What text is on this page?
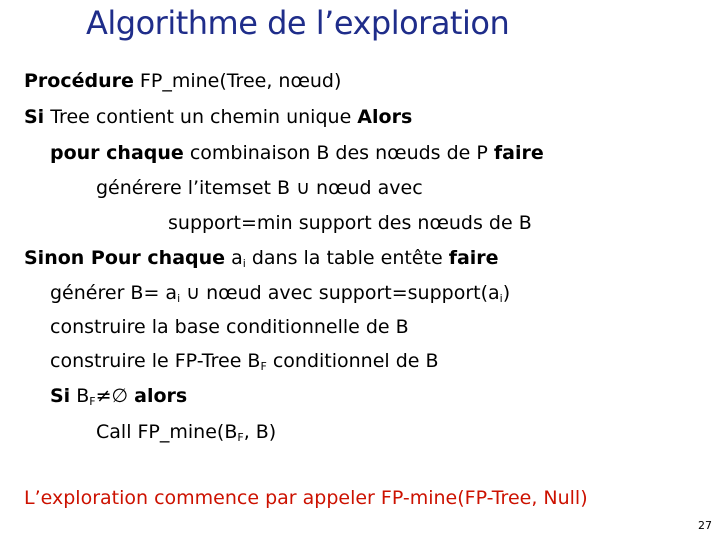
Algorithme de l’exploration
Procédure FP_mine(Tree, nœud)
Si Tree contient un chemin unique Alors
pour chaque combinaison B des nœuds de P faire
générere l’itemset B ∪ nœud avec
support=min support des nœuds de B
Sinon Pour chaque $a_i$ dans la table entête faire
générer $B= a_i$ ∪ nœud avec $support=support(a_i)$
construire la base conditionnelle de B
construire le FP-Tree $B_F$ conditionnel de B
Si $B_F\ne\emptyset$ alors
Call $FP\_\min e(B_F$, B)
L’exploration commence par appeler FP-mine(FP-Tree, Null)
27
